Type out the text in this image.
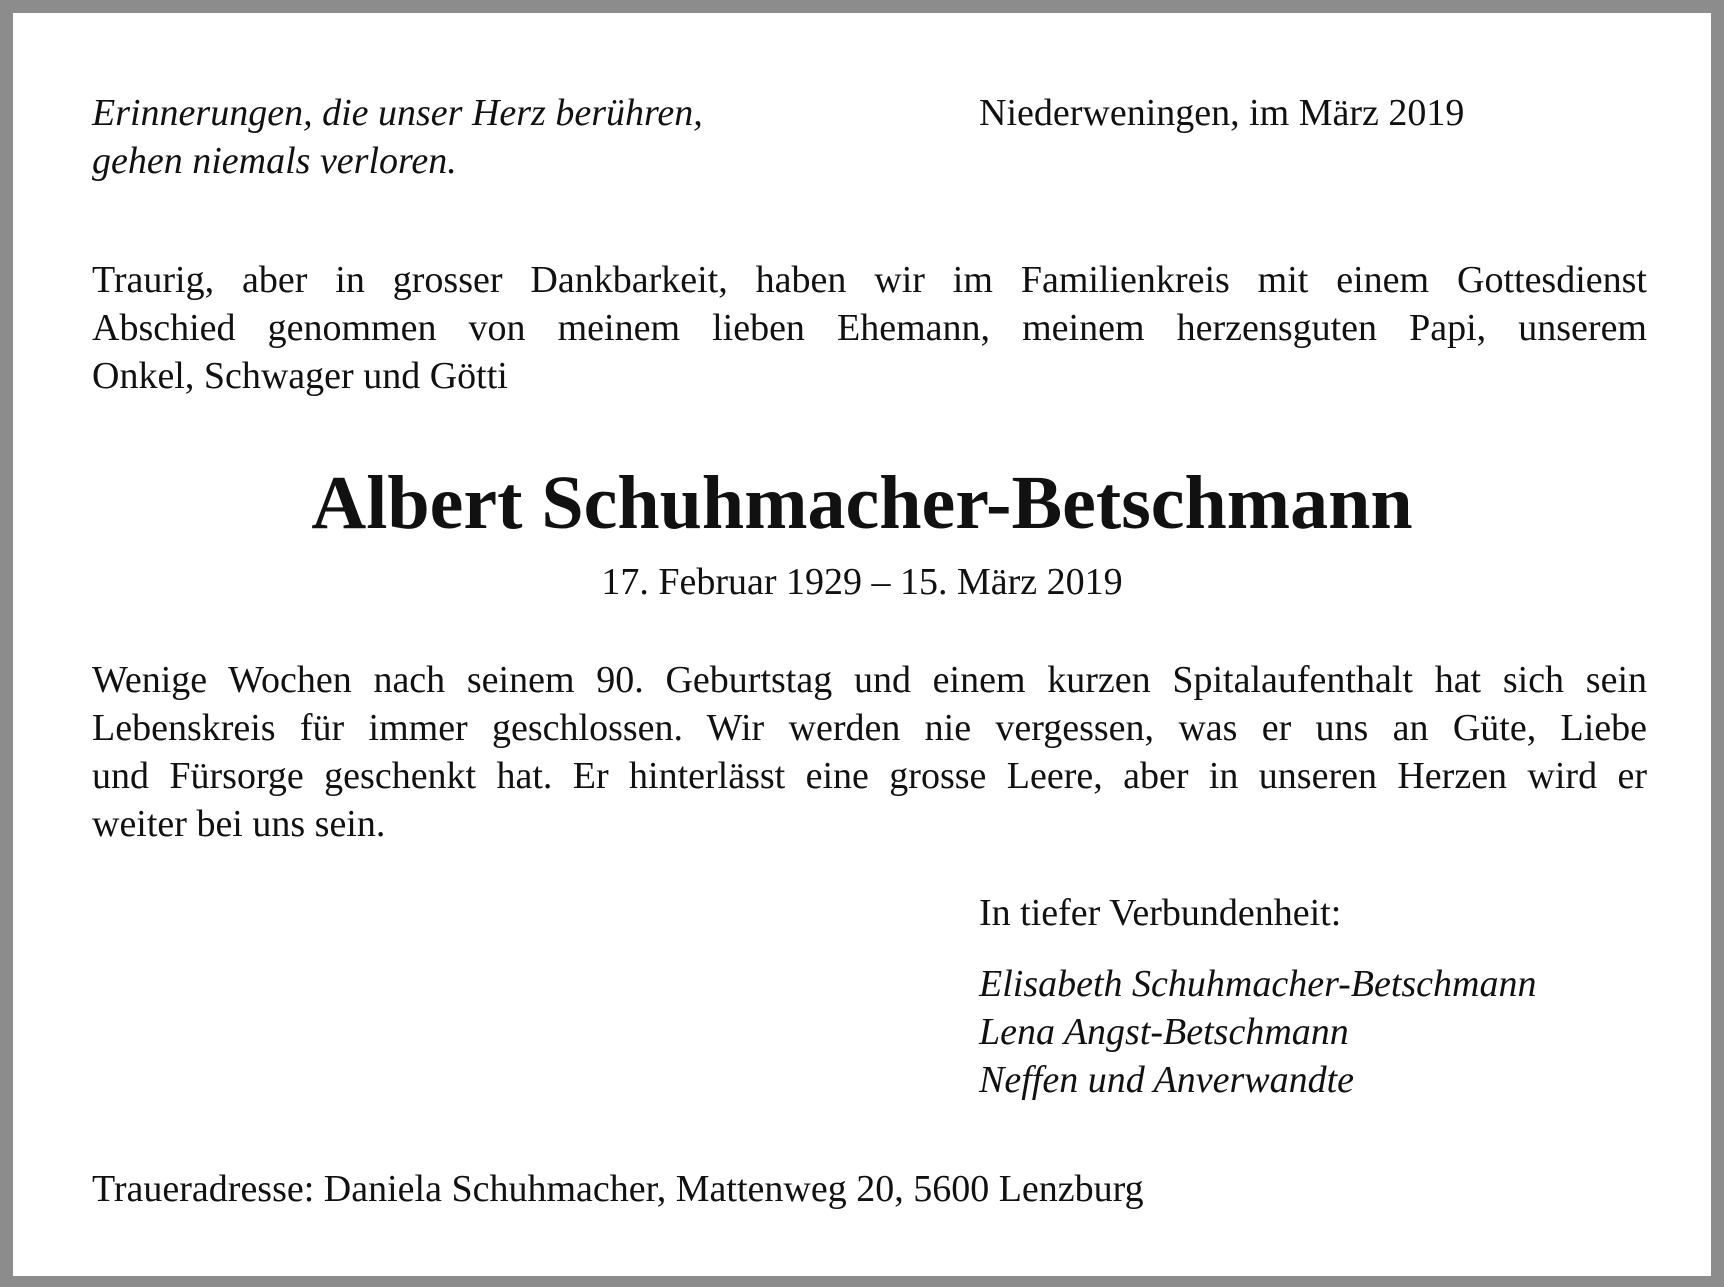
Erinnerungen, die unser Herz berühren,
gehen niemals verloren.

Niederweningen, im März 2019

Traurig, aber in grosser Dankbarkeit, haben wir im Familienkreis mit einem Gottesdienst
Abschied genommen von meinem lieben Ehemann, meinem herzensguten Papi, unserem
Onkel, Schwager und Götti

Albert Schuhmacher-Betschmann

17. Februar 1929 – 15. März 2019

Wenige Wochen nach seinem 90. Geburtstag und einem kurzen Spitalaufenthalt hat sich sein
Lebenskreis für immer geschlossen. Wir werden nie vergessen, was er uns an Güte, Liebe
und Fürsorge geschenkt hat. Er hinterlässt eine grosse Leere, aber in unseren Herzen wird er
weiter bei uns sein.

In tiefer Verbundenheit:

Elisabeth Schuhmacher-Betschmann
Lena Angst-Betschmann
Neffen und Anverwandte

Traueradresse: Daniela Schuhmacher, Mattenweg 20, 5600 Lenzburg
